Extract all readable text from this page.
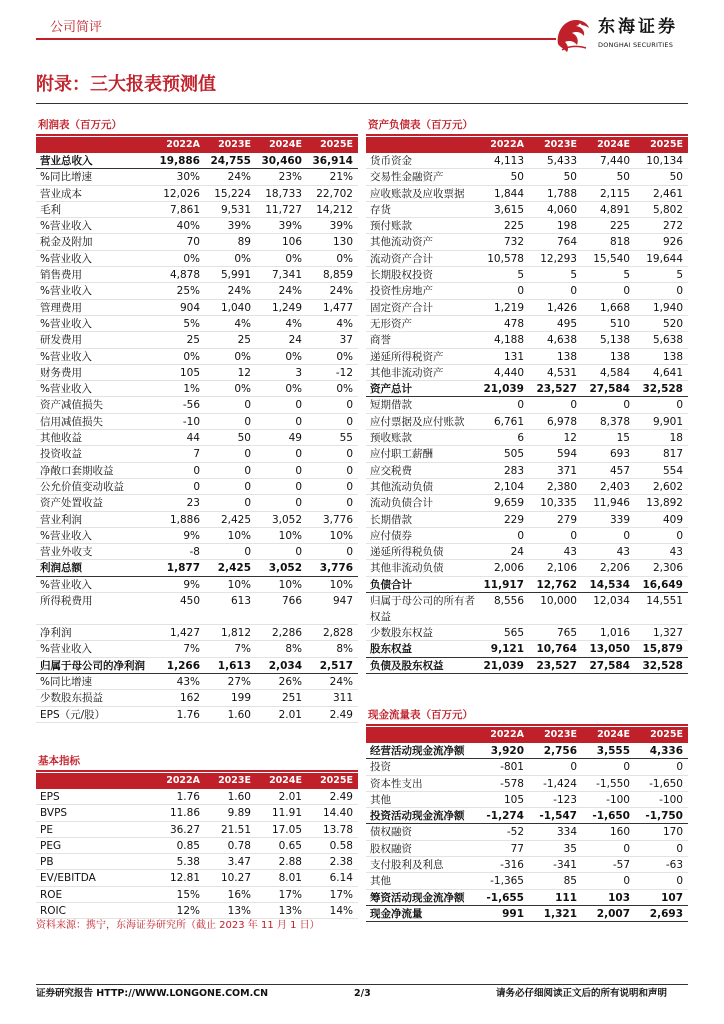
公司简评	东海证券
DONGHAI SECURITIES
附录：三大报表预测值
利润表（百万元）
2022A	2023E	2024E	2025E
营业总收入	19,886 24,755 30,460 36,914
%同比增速	30%	24%	23%	21%
营业成本	12,026	15,224	18,733	22,702
毛利	7,861	9,531	11,727	14,212
%营业收入	40%	39%	39%	39%
税金及附加	70	89	106	130
%营业收入	0%	0%	0%	0%
销售费用	4,878	5,991	7,341	8,859
%营业收入	25%	24%	24%	24%
管理费用	904	1,040	1,249	1,477
%营业收入	5%	4%	4%	4%
研发费用	25	25	24	37
%营业收入	0%	0%	0%	0%
财务费用	105	12	3	-12
%营业收入	1%	0%	0%	0%
资产减值损失	-56	0	0	0
信用减值损失	-10	0	0	0
其他收益	44	50	49	55
投资收益	7	0	0	0
净敞口套期收益	0	0	0	0
公允价值变动收益	0	0	0	0
资产处置收益	23	0	0	0
营业利润	1,886	2,425	3,052	3,776
%营业收入	9%	10%	10%	10%
营业外收支	-8	0	0	0
利润总额	1,877	2,425	3,052	3,776
%营业收入	9%	10%	10%	10%
所得税费用	450	613	766	947
净利润	1,427	1,812	2,286	2,828
%营业收入	7%	7%	8%	8%
归属于母公司的净利润	1,266	1,613	2,034	2,517
%同比增速	43%	27%	26%	24%
少数股东损益	162	199	251	311
EPS（元/股）	1.76	1.60	2.01	2.49
资产负债表（百万元）
2022A	2023E	2024E	2025E
货币资金	4,113	5,433	7,440	10,134
交易性金融资产	50	50	50	50
应收账款及应收票据	1,844	1,788	2,115	2,461
存货	3,615	4,060	4,891	5,802
预付账款	225	198	225	272
其他流动资产	732	764	818	926
流动资产合计	10,578	12,293	15,540	19,644
长期股权投资	5	5	5	5
投资性房地产	0	0	0	0
固定资产合计	1,219	1,426	1,668	1,940
无形资产	478	495	510	520
商誉	4,188	4,638	5,138	5,638
递延所得税资产	131	138	138	138
其他非流动资产	4,440	4,531	4,584	4,641
资产总计	21,039	23,527	27,584	32,528
短期借款	0	0	0	0
应付票据及应付账款	6,761	6,978	8,378	9,901
预收账款	6	12	15	18
应付职工薪酬	505	594	693	817
应交税费	283	371	457	554
其他流动负债	2,104	2,380	2,403	2,602
流动负债合计	9,659	10,335	11,946	13,892
长期借款	229	279	339	409
应付债券	0	0	0	0
递延所得税负债	24	43	43	43
其他非流动负债	2,006	2,106	2,206	2,306
负债合计	11,917	12,762	14,534	16,649
归属于母公司的所有者权益
8,556	10,000	12,034	14,551
少数股东权益	565	765	1,016	1,327
股东权益	9,121	10,764	13,050	15,879
负债及股东权益	21,039	23,527	27,584	32,528
现金流量表（百万元）
2022A	2023E	2024E	2025E
经营活动现金流净额	3,920	2,756	3,555	4,336
投资	-801	0	0	0
资本性支出	-578	-1,424	-1,550	-1,650
其他	105	-123	-100	-100
投资活动现金流净额	-1,274	-1,547	-1,650	-1,750
债权融资	-52	334	160	170
股权融资	77	35	0	0
支付股利及利息	-316	-341	-57	-63
其他	-1,365	85	0	0
筹资活动现金流净额	-1,655	111	103	107
现金净流量	991	1,321	2,007	2,693
基本指标
2022A	2023E	2024E	2025E
EPS	1.76	1.60	2.01	2.49
BVPS	11.86	9.89	11.91	14.40
PE	36.27	21.51	17.05	13.78
PEG	0.85	0.78	0.65	0.58
PB	5.38	3.47	2.88	2.38
EV/EBITDA	12.81	10.27	8.01	6.14
ROE	15%	16%	17%	17%
ROIC	12%	13%	13%	14%
资料来源：携宁，东海证券研究所（截止 2023 年 11 月 1 日）
证券研究报告 HTTP://WWW.LONGONE.COM.CN	2/3	请务必仔细阅读正文后的所有说明和声明
